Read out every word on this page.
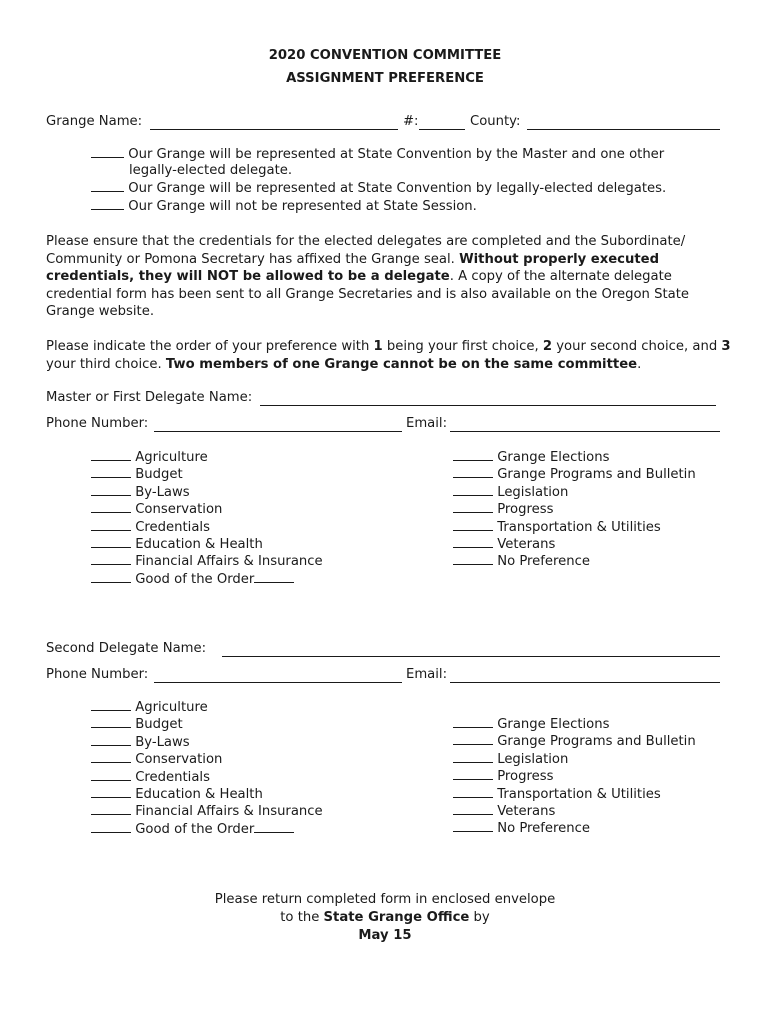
2020 CONVENTION COMMITTEE
ASSIGNMENT PREFERENCE
Grange Name:	#:	County:
Our Grange will be represented at State Convention by the Master and one other
legally-elected delegate.
Our Grange will be represented at State Convention by legally-elected delegates.
Our Grange will not be represented at State Session.
Please ensure that the credentials for the elected delegates are completed and the Subordinate/ Community or Pomona Secretary has affixed the Grange seal. Without properly executed credentials, they will NOT be allowed to be a delegate. A copy of the alternate delegate credential form has been sent to all Grange Secretaries and is also available on the Oregon State Grange website.
Please indicate the order of your preference with 1 being your first choice, 2 your second choice, and 3 your third choice. Two members of one Grange cannot be on the same committee.
Master or First Delegate Name:
Phone Number:	Email:
Agriculture
Budget
By-Laws
Conservation
Credentials
Education & Health
Financial Affairs & Insurance
Good of the Order
Grange Elections
Grange Programs and Bulletin
Legislation
Progress
Transportation & Utilities
Veterans
No Preference
Second Delegate Name:
Phone Number:	Email:
Agriculture
Budget
By-Laws
Conservation
Credentials
Education & Health
Financial Affairs & Insurance
Good of the Order
Grange Elections
Grange Programs and Bulletin
Legislation
Progress
Transportation & Utilities
Veterans
No Preference
Please return completed form in enclosed envelope
to the State Grange Office by
May 15
